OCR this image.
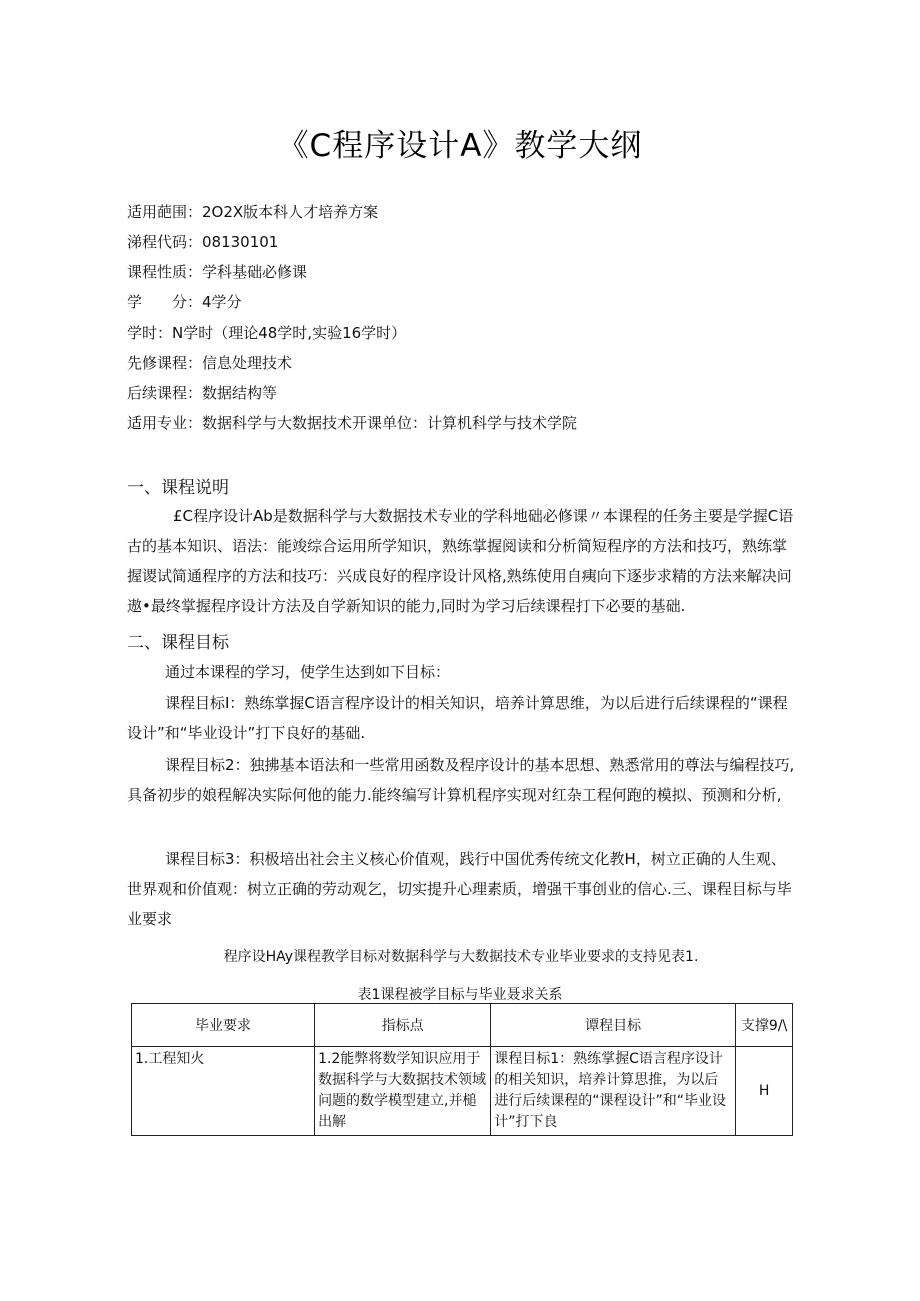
《C程序设计A》教学大纲
适用葩围：2O2X版本科人才培养方案
涕程代码：08130101
课程性质：学科基础必修课
学　　分：4学分
学时：N学时（理论48学时,实验16学时）
先修课程：信息处理技术
后续课程：数据结构等
适用专业：数据科学与大数据技术开课单位：计算机科学与技术学院
一、课程说明
£C程序设计Ab是数据科学与大数据技术专业的学科地础必修课〃本课程的任务主要是学握C语古的基本知识、语法：能竣综合运用所学知识，熟练掌握阅读和分析简短程序的方法和技巧，熟练掌握谡试简通程序的方法和技巧：兴成良好的程序设计风格,熟练使用自痍向下逐步求精的方法来解决问遨•最终掌握程序设计方法及自学新知识的能力,同时为学习后续课程打下必要的基础.
二、课程目标
通过本课程的学习，使学生达到如下目标：
课程目标I：熟练掌握C语言程序设计的相关知识，培养计算思维，为以后进行后续课程的“课程设计”和“毕业设计”打下良好的基础.
课程目标2：独拂基本语法和一些常用函数及程序设计的基本思想、熟悉常用的尊法与编程技巧,具备初步的娘程解决实际何他的能力.能终编写计算机程序实现对红杂工程何跑的模拟、预测和分析,
课程目标3：积极培出社会主义核心价值观，践行中国优秀传统文化教H，树立正确的人生观、世界观和价值观：树立正确的劳动观乞，切实提升心理素质，增强干事创业的信心.三、课程目标与毕业要求
程序设HAy课程教学目标对数据科学与大数据技术专业毕业要求的支持见表1.
表1课程被学目标与毕业聂求关系
毕业要求	指标点	谭程目标	支撑9/\
1.工程知火	1.2能弊将数学知识应用于数据科学与大数据技术领域问题的数学模型建立,并槌出解	课程目标1：熟练掌握C语言程序设计的相关知识，培养计算思推，为以后进行后续课程的“课程设计”和“毕业设计”打下良	H
